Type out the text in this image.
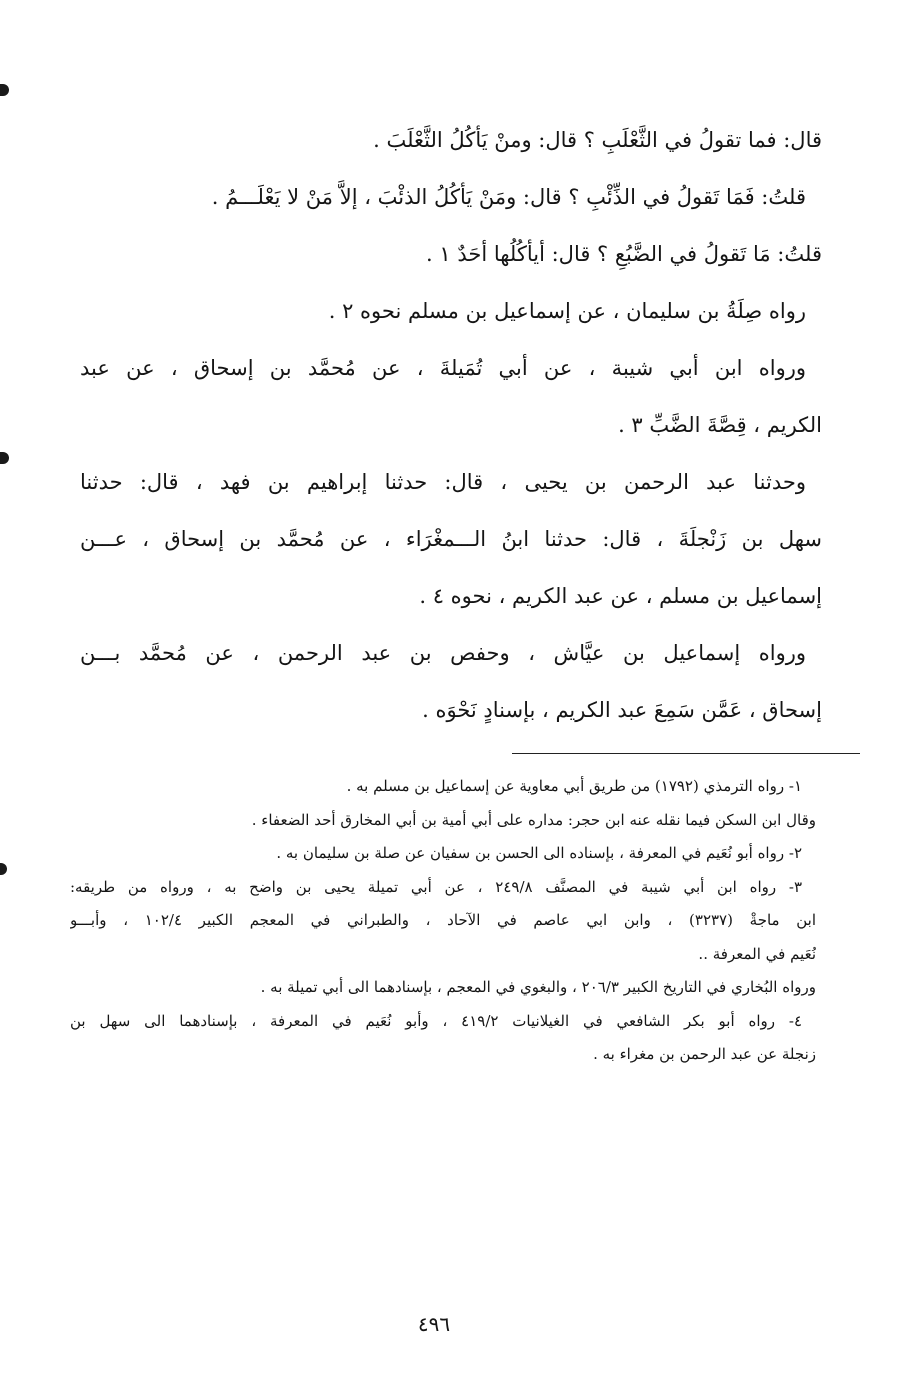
قال: فما تقولُ في الثَّعْلَبِ ؟ قال: ومنْ يَأكُلُ الثَّعْلَبَ .
قلتُ: فَمَا تَقولُ في الذِّئْبِ ؟ قال: ومَنْ يَأكُلُ الذئْبَ ، إلاَّ مَنْ لا يَعْلَـــمُ .
قلتُ: مَا تَقولُ في الضَّبُعِ ؟ قال: أيأكُلُها أحَدٌ ١ .
رواه صِلَةُ بن سليمان ، عن إسماعيل بن مسلم نحوه ٢ .
ورواه ابن أبي شيبة ، عن أبي تُمَيلةَ ، عن مُحمَّد بن إسحاق ، عن عبد
الكريم ، قِصَّةَ الضَّبِّ ٣ .
وحدثنا عبد الرحمن بن يحيى ، قال: حدثنا إبراهيم بن فهد ، قال: حدثنا
سهل بن زَنْجلَةَ ، قال: حدثنا ابنُ الـــمغْرَاء ، عن مُحمَّد بن إسحاق ، عـــن
إسماعيل بن مسلم ، عن عبد الكريم ، نحوه ٤ .
ورواه إسماعيل بن عيَّاش ، وحفص بن عبد الرحمن ، عن مُحمَّد بـــن
إسحاق ، عَمَّن سَمِعَ عبد الكريم ، بإسنادٍ نَحْوَه .
١- رواه الترمذي (١٧٩٢) من طريق أبي معاوية عن إسماعيل بن مسلم به .
وقال ابن السكن فيما نقله عنه ابن حجر: مداره على أبي أمية بن أبي المخارق أحد الضعفاء .
٢- رواه أبو نُعَيم في المعرفة ، بإسناده الى الحسن بن سفيان عن صلة بن سليمان به .
٣- رواه ابن أبي شيبة في المصنَّف ٢٤٩/٨ ، عن أبي تميلة يحيى بن واضح به ، ورواه من طريقه:
ابن ماجةْ (٣٢٣٧) ، وابن ابي عاصم في الآحاد ، والطبراني في المعجم الكبير ١٠٢/٤ ، وأبـــو
نُعَيم في المعرفة ..
ورواه البُخاري في التاريخ الكبير ٢٠٦/٣ ، والبغوي في المعجم ، بإسنادهما الى أبي تميلة به .
٤- رواه أبو بكر الشافعي في الغيلانيات ٤١٩/٢ ، وأبو نُعَيم في المعرفة ، بإسنادهما الى سهل بن
زنجلة عن عبد الرحمن بن مغراء به .
٤٩٦
